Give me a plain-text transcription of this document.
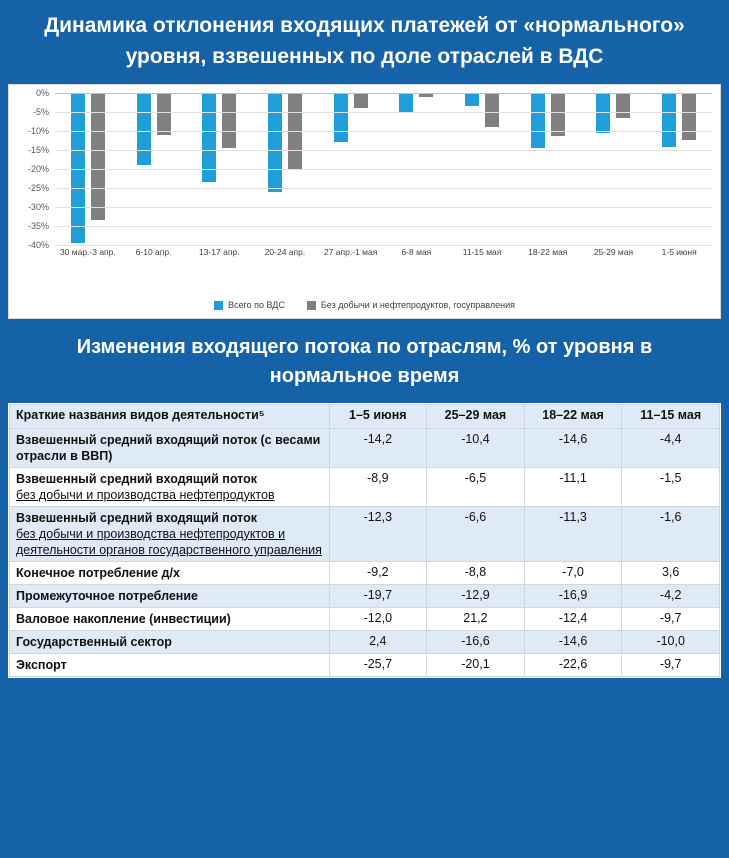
Динамика отклонения входящих платежей от «нормального» уровня, взвешенных по доле отраслей в ВДС
0%
-5%
-10%
-15%
-20%
-25%
-30%
-35%
-40%
30 мар.-3 апр.	6-10 апр.	13-17 апр.	20-24 апр.	27 апр.-1 мая	6-8 мая	11-15 мая	18-22 мая	25-29 мая	1-5 июня
Всего по ВДС	Без добычи и нефтепродуктов, госуправления
Изменения входящего потока по отраслям, % от уровня в нормальное время
Краткие названия видов деятельности⁵	1–5 июня	25–29 мая	18–22 мая	11–15 мая
Взвешенный средний входящий поток (с весами отрасли в ВВП)	-14,2	-10,4	-14,6	-4,4
Взвешенный средний входящий поток
без добычи и производства нефтепродуктов	-8,9	-6,5	-11,1	-1,5
Взвешенный средний входящий поток
без добычи и производства нефтепродуктов и
деятельности органов государственного управления	-12,3	-6,6	-11,3	-1,6
Конечное потребление д/х	-9,2	-8,8	-7,0	3,6
Промежуточное потребление	-19,7	-12,9	-16,9	-4,2
Валовое накопление (инвестиции)	-12,0	21,2	-12,4	-9,7
Государственный сектор	2,4	-16,6	-14,6	-10,0
Экспорт	-25,7	-20,1	-22,6	-9,7
